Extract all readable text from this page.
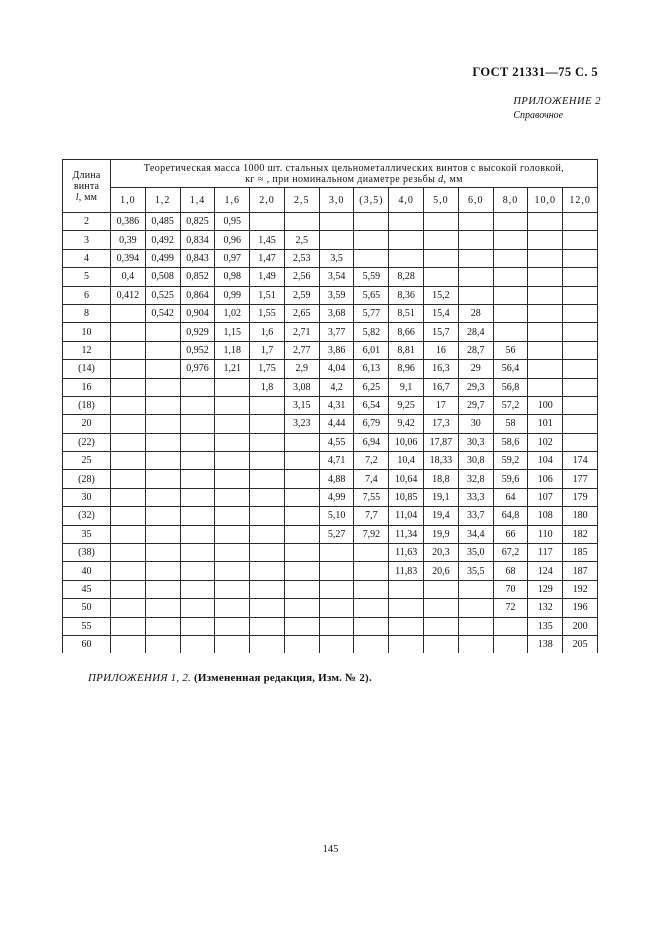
ГОСТ 21331—75 С. 5
ПРИЛОЖЕНИЕ 2
Справочное
Длина
винта
l, мм	Теоретическая масса 1000 шт. стальных цельнометаллических винтов с высокой головкой,
кг ≈ , при номинальном диаметре резьбы d, мм													
	1,0	1,2	1,4	1,6	2,0	2,5	3,0	(3,5)	4,0	5,0	6,0	8,0	10,0	12,0
2	0,386	0,485	0,825	0,95										
3	0,39	0,492	0,834	0,96	1,45	2,5								
4	0,394	0,499	0,843	0,97	1,47	2,53	3,5							
5	0,4	0,508	0,852	0,98	1,49	2,56	3,54	5,59	8,28					
6	0,412	0,525	0,864	0,99	1,51	2,59	3,59	5,65	8,36	15,2				
8		0,542	0,904	1,02	1,55	2,65	3,68	5,77	8,51	15,4	28			
10			0,929	1,15	1,6	2,71	3,77	5,82	8,66	15,7	28,4			
12			0,952	1,18	1,7	2,77	3,86	6,01	8,81	16	28,7	56		
(14)			0,976	1,21	1,75	2,9	4,04	6,13	8,96	16,3	29	56,4		
16					1,8	3,08	4,2	6,25	9,1	16,7	29,3	56,8		
(18)						3,15	4,31	6,54	9,25	17	29,7	57,2	100	
20						3,23	4,44	6,79	9,42	17,3	30	58	101	
(22)							4,55	6,94	10,06	17,87	30,3	58,6	102	
25							4,71	7,2	10,4	18,33	30,8	59,2	104	174
(28)							4,88	7,4	10,64	18,8	32,8	59,6	106	177
30							4,99	7,55	10,85	19,1	33,3	64	107	179
(32)							5,10	7,7	11,04	19,4	33,7	64,8	108	180
35							5,27	7,92	11,34	19,9	34,4	66	110	182
(38)									11,63	20,3	35,0	67,2	117	185
40									11,83	20,6	35,5	68	124	187
45												70	129	192
50												72	132	196
55													135	200
60													138	205
ПРИЛОЖЕНИЯ 1, 2. (Измененная редакция, Изм. № 2).
145
